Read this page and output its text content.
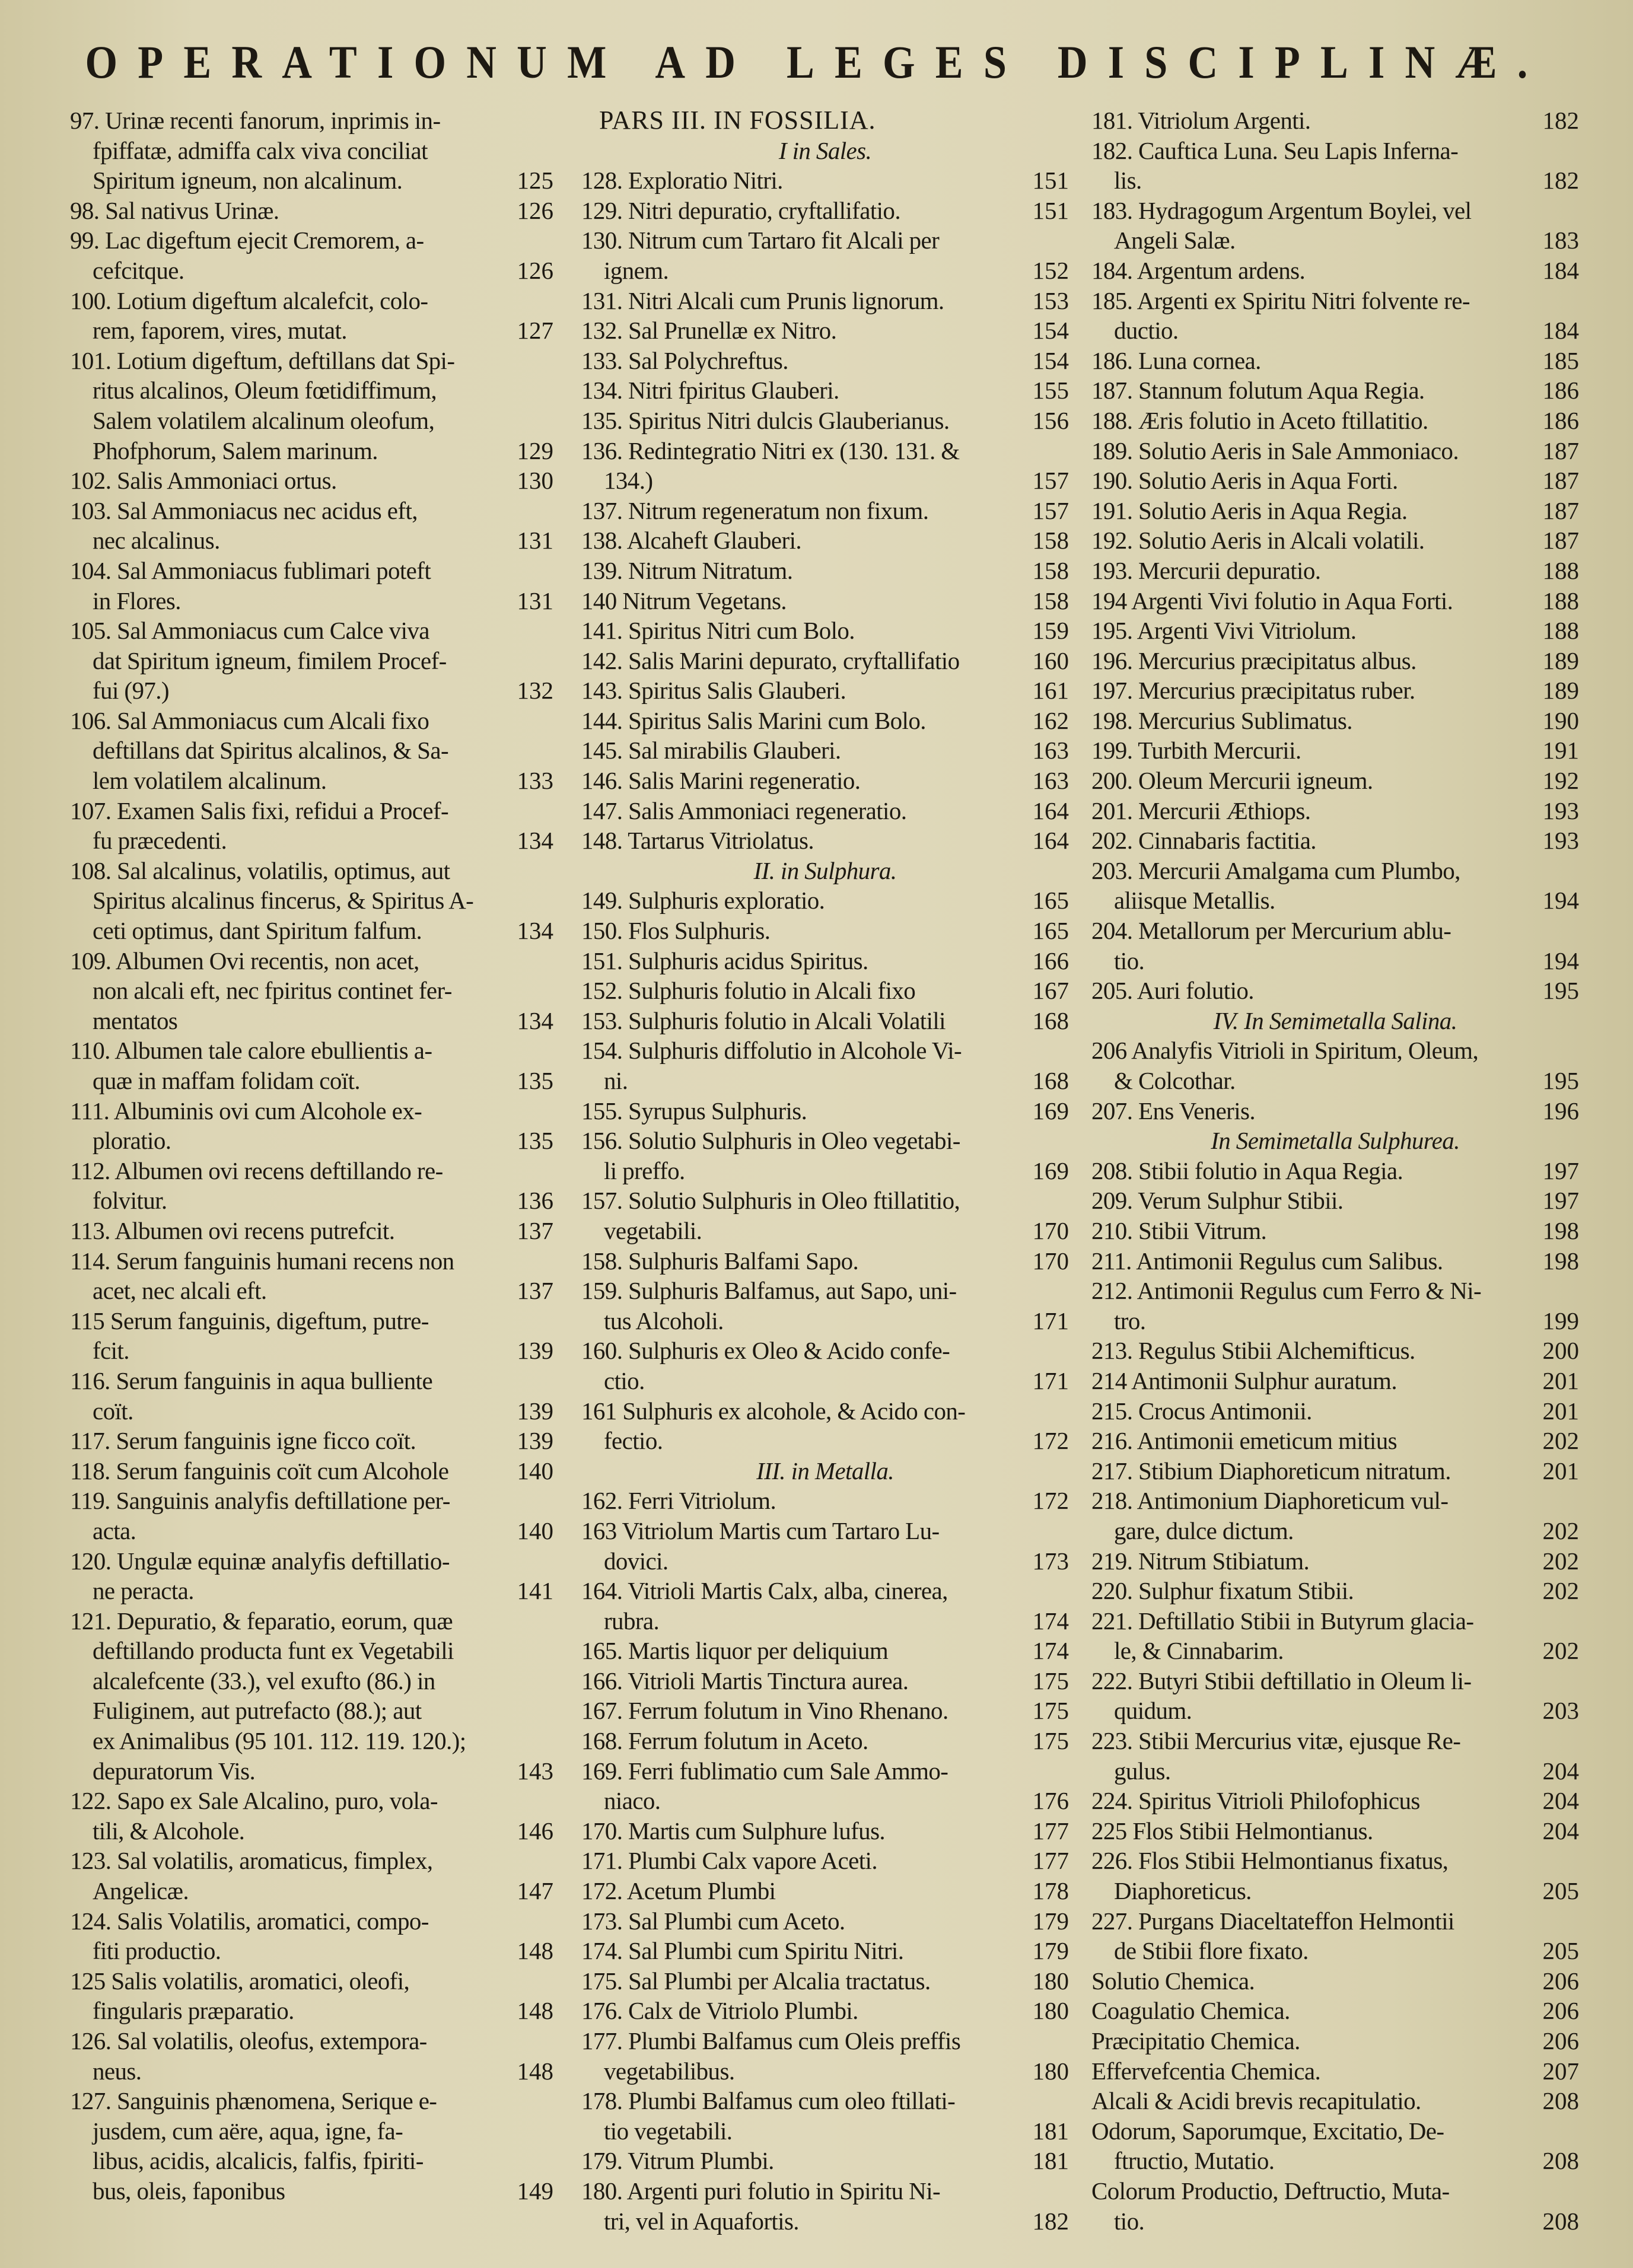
OPERATIONUM AD LEGES DISCIPLINÆ.
97. Urinæ recenti fanorum, inprimis in-
fpiffatæ, admiffa calx viva conciliat
Spiritum igneum, non alcalinum.	125
98. Sal nativus Urinæ.	126
99. Lac digeftum ejecit Cremorem, a-
cefcitque.	126
100. Lotium digeftum alcalefcit, colo-
rem, faporem, vires, mutat.	127
101. Lotium digeftum, deftillans dat Spi-
ritus alcalinos, Oleum fœtidiffimum,
Salem volatilem alcalinum oleofum,
Phofphorum, Salem marinum.	129
102. Salis Ammoniaci ortus.	130
103. Sal Ammoniacus nec acidus eft,
nec alcalinus.	131
104. Sal Ammoniacus fublimari poteft
in Flores.	131
105. Sal Ammoniacus cum Calce viva
dat Spiritum igneum, fimilem Procef-
fui (97.)	132
106. Sal Ammoniacus cum Alcali fixo
deftillans dat Spiritus alcalinos, & Sa-
lem volatilem alcalinum.	133
107. Examen Salis fixi, refidui a Procef-
fu præcedenti.	134
108. Sal alcalinus, volatilis, optimus, aut
Spiritus alcalinus fincerus, & Spiritus A-
ceti optimus, dant Spiritum falfum.	134
109. Albumen Ovi recentis, non acet,
non alcali eft, nec fpiritus continet fer-
mentatos	134
110. Albumen tale calore ebullientis a-
quæ in maffam folidam coït.	135
111. Albuminis ovi cum Alcohole ex-
ploratio.	135
112. Albumen ovi recens deftillando re-
folvitur.	136
113. Albumen ovi recens putrefcit.	137
114. Serum fanguinis humani recens non
acet, nec alcali eft.	137
115 Serum fanguinis, digeftum, putre-
fcit.	139
116. Serum fanguinis in aqua bulliente
coït.	139
117. Serum fanguinis igne ficco coït.	139
118. Serum fanguinis coït cum Alcohole	140
119. Sanguinis analyfis deftillatione per-
acta.	140
120. Ungulæ equinæ analyfis deftillatio-
ne peracta.	141
121. Depuratio, & feparatio, eorum, quæ
deftillando producta funt ex Vegetabili
alcalefcente (33.), vel exufto (86.) in
Fuliginem, aut putrefacto (88.); aut
ex Animalibus (95 101. 112. 119. 120.);
depuratorum Vis.	143
122. Sapo ex Sale Alcalino, puro, vola-
tili, & Alcohole.	146
123. Sal volatilis, aromaticus, fimplex,
Angelicæ.	147
124. Salis Volatilis, aromatici, compo-
fiti productio.	148
125 Salis volatilis, aromatici, oleofi,
fingularis præparatio.	148
126. Sal volatilis, oleofus, extempora-
neus.	148
127. Sanguinis phænomena, Serique e-
jusdem, cum aëre, aqua, igne, fa-
libus, acidis, alcalicis, falfis, fpiriti-
bus, oleis, faponibus	149
PARS III. IN FOSSILIA.
I in Sales.
128. Exploratio Nitri.	151
129. Nitri depuratio, cryftallifatio.	151
130. Nitrum cum Tartaro fit Alcali per
ignem.	152
131. Nitri Alcali cum Prunis lignorum.	153
132. Sal Prunellæ ex Nitro.	154
133. Sal Polychreftus.	154
134. Nitri fpiritus Glauberi.	155
135. Spiritus Nitri dulcis Glauberianus.	156
136. Redintegratio Nitri ex (130. 131. &
134.)	157
137. Nitrum regeneratum non fixum.	157
138. Alcaheft Glauberi.	158
139. Nitrum Nitratum.	158
140 Nitrum Vegetans.	158
141. Spiritus Nitri cum Bolo.	159
142. Salis Marini depurato, cryftallifatio	160
143. Spiritus Salis Glauberi.	161
144. Spiritus Salis Marini cum Bolo.	162
145. Sal mirabilis Glauberi.	163
146. Salis Marini regeneratio.	163
147. Salis Ammoniaci regeneratio.	164
148. Tartarus Vitriolatus.	164
II. in Sulphura.
149. Sulphuris exploratio.	165
150. Flos Sulphuris.	165
151. Sulphuris acidus Spiritus.	166
152. Sulphuris folutio in Alcali fixo	167
153. Sulphuris folutio in Alcali Volatili	168
154. Sulphuris diffolutio in Alcohole Vi-
ni.	168
155. Syrupus Sulphuris.	169
156. Solutio Sulphuris in Oleo vegetabi-
li preffo.	169
157. Solutio Sulphuris in Oleo ftillatitio,
vegetabili.	170
158. Sulphuris Balfami Sapo.	170
159. Sulphuris Balfamus, aut Sapo, uni-
tus Alcoholi.	171
160. Sulphuris ex Oleo & Acido confe-
ctio.	171
161 Sulphuris ex alcohole, & Acido con-
fectio.	172
III. in Metalla.
162. Ferri Vitriolum.	172
163 Vitriolum Martis cum Tartaro Lu-
dovici.	173
164. Vitrioli Martis Calx, alba, cinerea,
rubra.	174
165. Martis liquor per deliquium	174
166. Vitrioli Martis Tinctura aurea.	175
167. Ferrum folutum in Vino Rhenano.	175
168. Ferrum folutum in Aceto.	175
169. Ferri fublimatio cum Sale Ammo-
niaco.	176
170. Martis cum Sulphure lufus.	177
171. Plumbi Calx vapore Aceti.	177
172. Acetum Plumbi	178
173. Sal Plumbi cum Aceto.	179
174. Sal Plumbi cum Spiritu Nitri.	179
175. Sal Plumbi per Alcalia tractatus.	180
176. Calx de Vitriolo Plumbi.	180
177. Plumbi Balfamus cum Oleis preffis
vegetabilibus.	180
178. Plumbi Balfamus cum oleo ftillati-
tio vegetabili.	181
179. Vitrum Plumbi.	181
180. Argenti puri folutio in Spiritu Ni-
tri, vel in Aquafortis.	182
181. Vitriolum Argenti.	182
182. Cauftica Luna. Seu Lapis Inferna-
lis.	182
183. Hydragogum Argentum Boylei, vel
Angeli Salæ.	183
184. Argentum ardens.	184
185. Argenti ex Spiritu Nitri folvente re-
ductio.	184
186. Luna cornea.	185
187. Stannum folutum Aqua Regia.	186
188. Æris folutio in Aceto ftillatitio.	186
189. Solutio Aeris in Sale Ammoniaco.	187
190. Solutio Aeris in Aqua Forti.	187
191. Solutio Aeris in Aqua Regia.	187
192. Solutio Aeris in Alcali volatili.	187
193. Mercurii depuratio.	188
194 Argenti Vivi folutio in Aqua Forti.	188
195. Argenti Vivi Vitriolum.	188
196. Mercurius præcipitatus albus.	189
197. Mercurius præcipitatus ruber.	189
198. Mercurius Sublimatus.	190
199. Turbith Mercurii.	191
200. Oleum Mercurii igneum.	192
201. Mercurii Æthiops.	193
202. Cinnabaris factitia.	193
203. Mercurii Amalgama cum Plumbo,
aliisque Metallis.	194
204. Metallorum per Mercurium ablu-
tio.	194
205. Auri folutio.	195
IV. In Semimetalla Salina.
206 Analyfis Vitrioli in Spiritum, Oleum,
& Colcothar.	195
207. Ens Veneris.	196
In Semimetalla Sulphurea.
208. Stibii folutio in Aqua Regia.	197
209. Verum Sulphur Stibii.	197
210. Stibii Vitrum.	198
211. Antimonii Regulus cum Salibus.	198
212. Antimonii Regulus cum Ferro & Ni-
tro.	199
213. Regulus Stibii Alchemifticus.	200
214 Antimonii Sulphur auratum.	201
215. Crocus Antimonii.	201
216. Antimonii emeticum mitius	202
217. Stibium Diaphoreticum nitratum.	201
218. Antimonium Diaphoreticum vul-
gare, dulce dictum.	202
219. Nitrum Stibiatum.	202
220. Sulphur fixatum Stibii.	202
221. Deftillatio Stibii in Butyrum glacia-
le, & Cinnabarim.	202
222. Butyri Stibii deftillatio in Oleum li-
quidum.	203
223. Stibii Mercurius vitæ, ejusque Re-
gulus.	204
224. Spiritus Vitrioli Philofophicus	204
225 Flos Stibii Helmontianus.	204
226. Flos Stibii Helmontianus fixatus,
Diaphoreticus.	205
227. Purgans Diaceltateffon Helmontii
de Stibii flore fixato.	205
Solutio Chemica.	206
Coagulatio Chemica.	206
Præcipitatio Chemica.	206
Effervefcentia Chemica.	207
Alcali & Acidi brevis recapitulatio.	208
Odorum, Saporumque, Excitatio, De-
ftructio, Mutatio.	208
Colorum Productio, Deftructio, Muta-
tio.	208
